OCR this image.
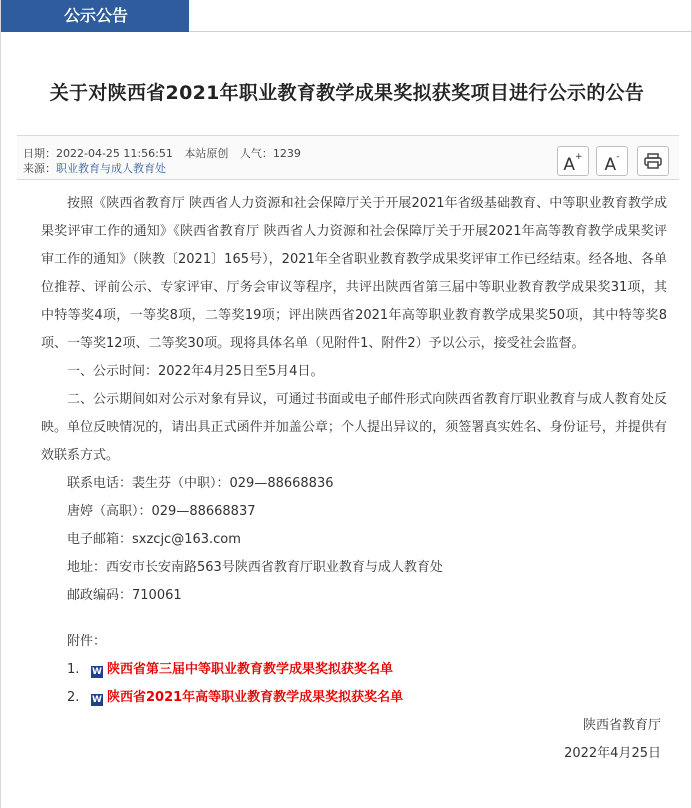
公示公告
关于对陕西省2021年职业教育教学成果奖拟获奖项目进行公示的公告
日期：2022-04-25 11:56:51 本站原创 人气：1239
来源：职业教育与成人教育处	A+	A-

按照《陕西省教育厅 陕西省人力资源和社会保障厅关于开展2021年省级基础教育、中等职业教育教学成果奖评审工作的通知》《陕西省教育厅 陕西省人力资源和社会保障厅关于开展2021年高等教育教学成果奖评审工作的通知》（陕教〔2021〕165号），2021年全省职业教育教学成果奖评审工作已经结束。经各地、各单位推荐、评前公示、专家评审、厅务会审议等程序，共评出陕西省第三届中等职业教育教学成果奖31项，其中特等奖4项，一等奖8项，二等奖19项；评出陕西省2021年高等职业教育教学成果奖50项，其中特等奖8项、一等奖12项、二等奖30项。现将具体名单（见附件1、附件2）予以公示，接受社会监督。

一、公示时间：2022年4月25日至5月4日。

二、公示期间如对公示对象有异议，可通过书面或电子邮件形式向陕西省教育厅职业教育与成人教育处反映。单位反映情况的，请出具正式函件并加盖公章；个人提出异议的，须签署真实姓名、身份证号，并提供有效联系方式。

联系电话：裴生芬（中职）：029—88668836

唐婷（高职）：029—88668837

电子邮箱：sxzcjc@163.com

地址：西安市长安南路563号陕西省教育厅职业教育与成人教育处

邮政编码：710061

附件：

1. W 陕西省第三届中等职业教育教学成果奖拟获奖名单

2. W 陕西省2021年高等职业教育教学成果奖拟获奖名单

陕西省教育厅

2022年4月25日
